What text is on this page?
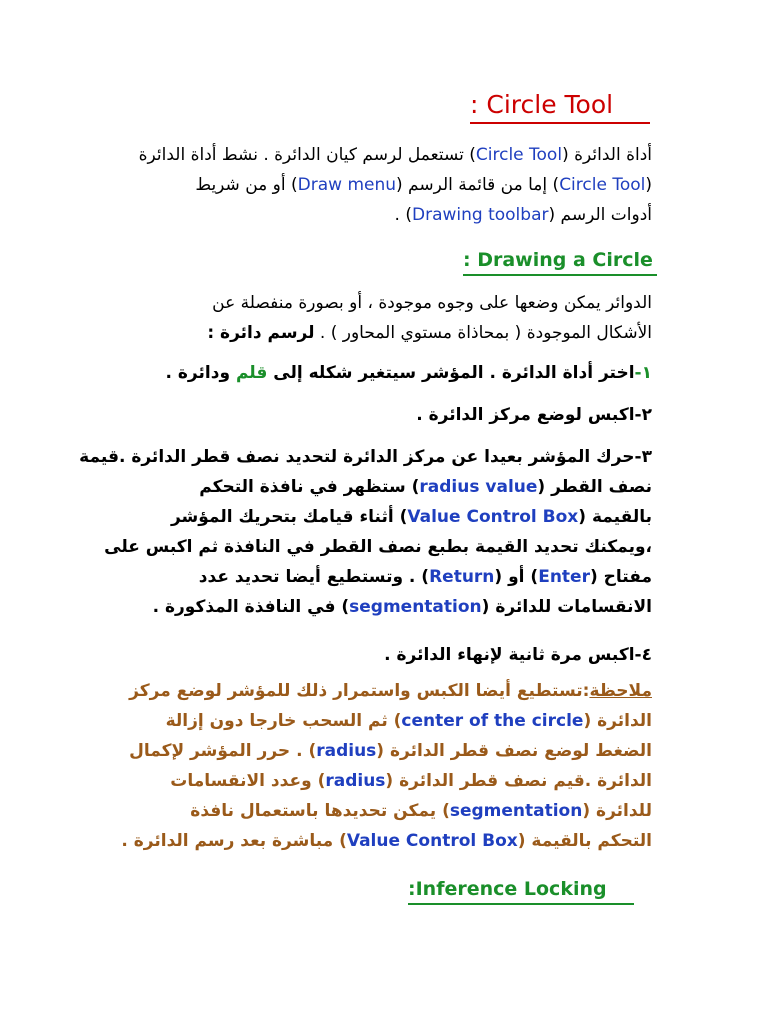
: Circle Tool
أداة الدائرة (Circle Tool) تستعمل لرسم كيان الدائرة . نشط أداة الدائرة
(Circle Tool) إما من قائمة الرسم (Draw menu) أو من شريط
أدوات الرسم (Drawing toolbar) .
: Drawing a Circle
الدوائر يمكن وضعها على وجوه موجودة ، أو بصورة منفصلة عن
الأشكال الموجودة ( بمحاذاة مستوي المحاور ) . لرسم دائرة :
١-اختر أداة الدائرة . المؤشر سيتغير شكله إلى قلم ودائرة .
٢-اكبس لوضع مركز الدائرة .
٣-حرك المؤشر بعيدا عن مركز الدائرة لتحديد نصف قطر الدائرة .قيمة
نصف القطر (radius value) ستظهر في نافذة التحكم
بالقيمة (Value Control Box) أثناء قيامك بتحريك المؤشر
،ويمكنك تحديد القيمة بطبع نصف القطر في النافذة ثم اكبس على
مفتاح (Enter) أو (Return) . وتستطيع أيضا تحديد عدد
الانقسامات للدائرة (segmentation) في النافذة المذكورة .
٤-اكبس مرة ثانية لإنهاء الدائرة .
ملاحظة:تستطيع أيضا الكبس واستمرار ذلك للمؤشر لوضع مركز
الدائرة (center of the circle) ثم السحب خارجا دون إزالة
الضغط لوضع نصف قطر الدائرة (radius) . حرر المؤشر لإكمال
الدائرة .قيم نصف قطر الدائرة (radius) وعدد الانقسامات
للدائرة (segmentation) يمكن تحديدها باستعمال نافذة
التحكم بالقيمة (Value Control Box) مباشرة بعد رسم الدائرة .
:Inference Locking
